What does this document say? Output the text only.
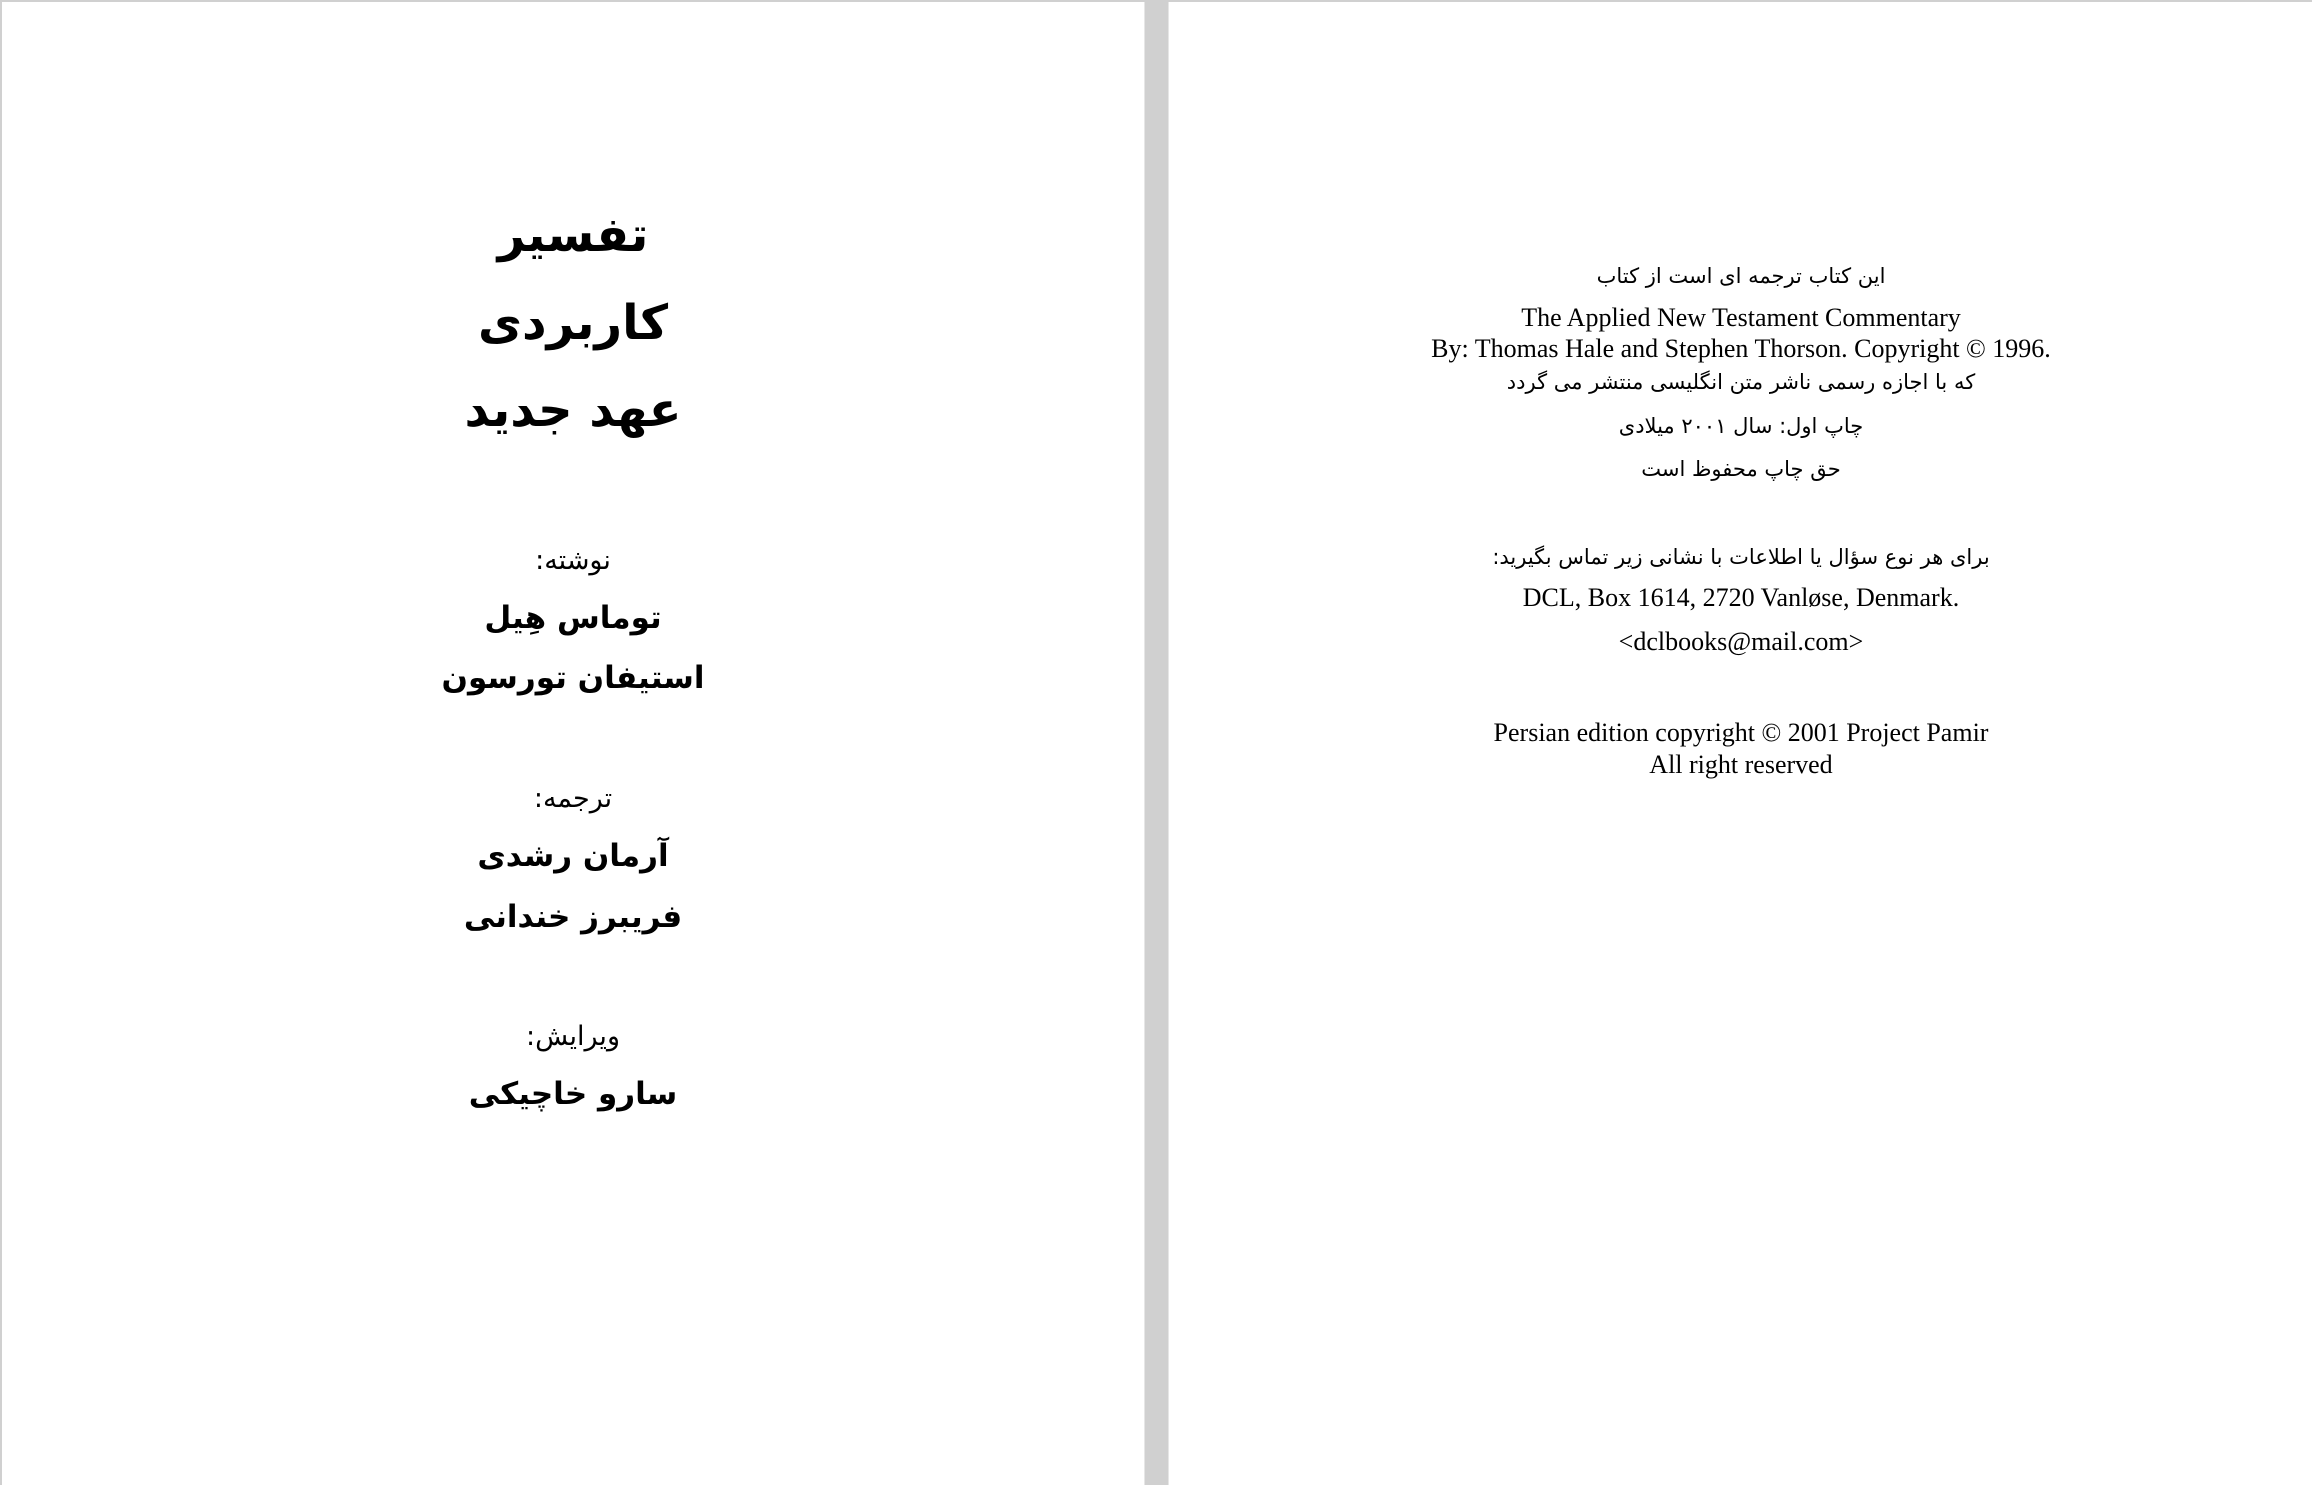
تفسیر

کاربردی

عهد جدید

نوشته:

توماس هِیل

استیفان تورسون

ترجمه:

آرمان رشدی

فریبرز خندانی

ویرایش:

سارو خاچیکی

این کتاب ترجمه ای است از کتاب

The Applied New Testament Commentary

By: Thomas Hale and Stephen Thorson. Copyright © 1996.

که با اجازه رسمی ناشر متن انگلیسی منتشر می گردد

چاپ اول: سال ۲۰۰۱ میلادی

حق چاپ محفوظ است

برای هر نوع سؤال یا اطلاعات با نشانی زیر تماس بگیرید:

DCL, Box 1614, 2720 Vanløse, Denmark.

<dclbooks@mail.com>

Persian edition copyright © 2001 Project Pamir

All right reserved
